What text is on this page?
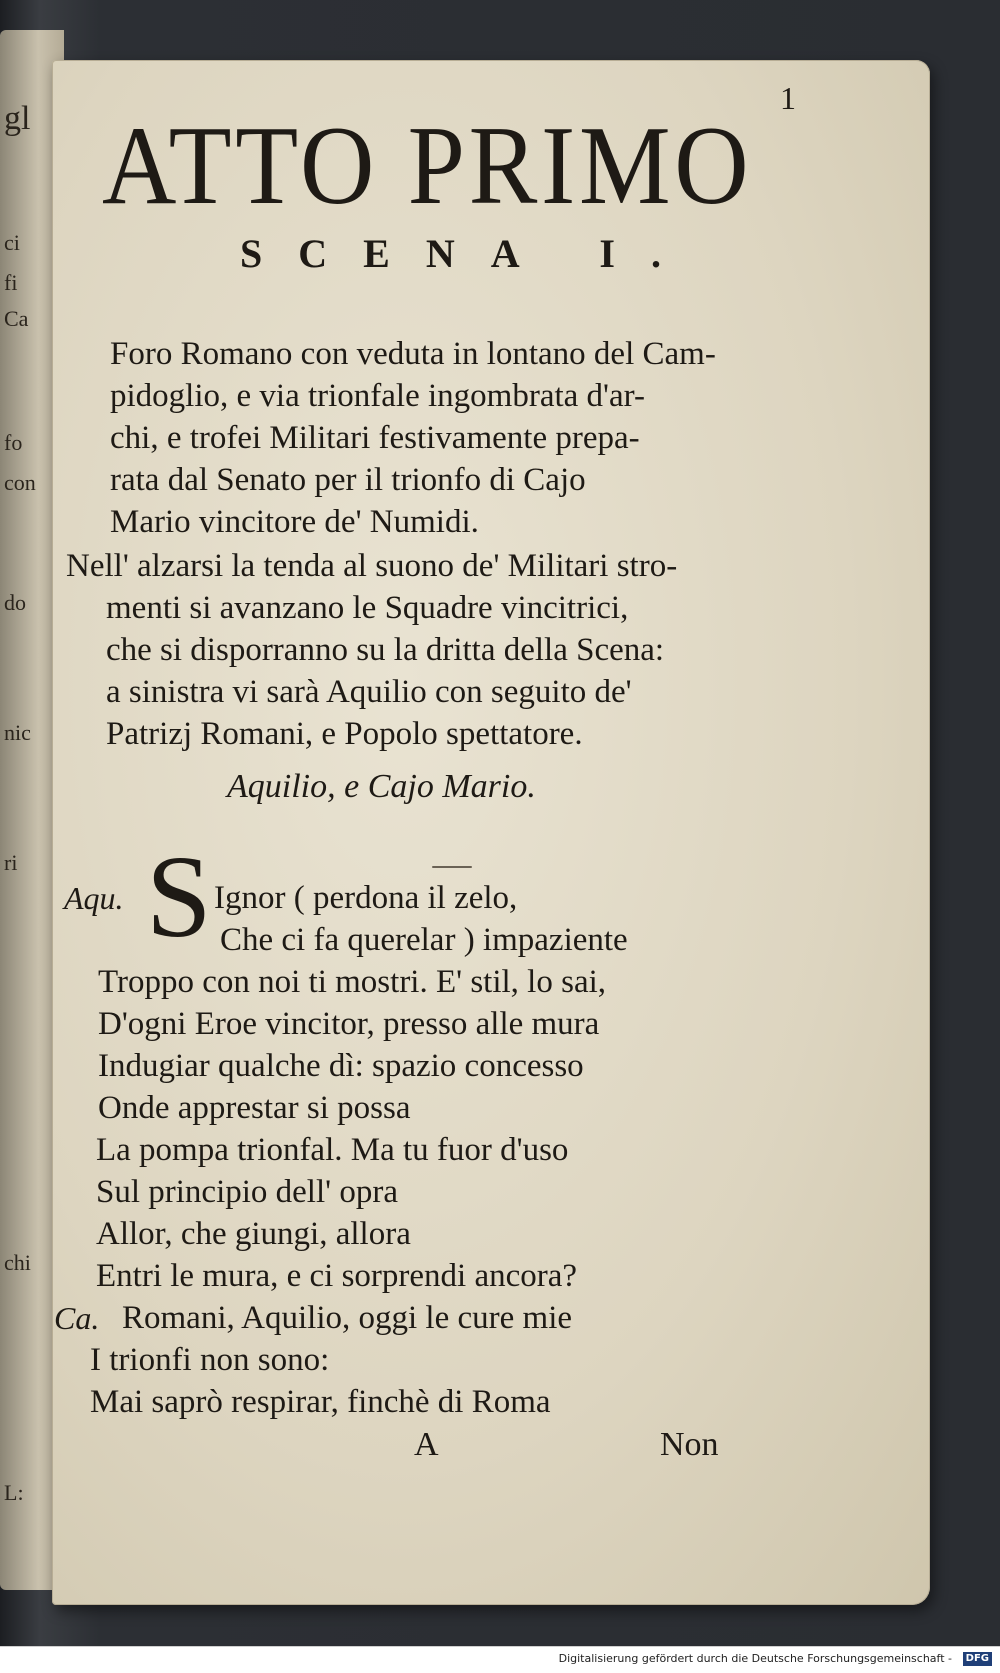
gl
ci
fi
Ca
fo
con
do
nic
ri
chi
L:
1
ATTO PRIMO
SCENA I.
Foro Romano con veduta in lontano del Cam-
pidoglio, e via trionfale ingombrata d'ar-
chi, e trofei Militari festivamente prepa-
rata dal Senato per il trionfo di Cajo
Mario vincitore de' Numidi.
Nell' alzarsi la tenda al suono de' Militari stro-
menti si avanzano le Squadre vincitrici,
che si disporranno su la dritta della Scena:
a sinistra vi sarà Aquilio con seguito de'
Patrizj Romani, e Popolo spettatore.
Aquilio, e Cajo Mario.
Aqu. S Ignor ( perdona il zelo,
Che ci fa querelar ) impaziente
Troppo con noi ti mostri. E' stil, lo sai,
D'ogni Eroe vincitor, presso alle mura
Indugiar qualche dì: spazio concesso
Onde apprestar si possa
La pompa trionfal. Ma tu fuor d'uso
Sul principio dell' opra
Allor, che giungi, allora
Entri le mura, e ci sorprendi ancora?
Ca. Romani, Aquilio, oggi le cure mie
I trionfi non sono:
Mai saprò respirar, finchè di Roma
A	Non
Digitalisierung gefördert durch die Deutsche Forschungsgemeinschaft -	DFG
